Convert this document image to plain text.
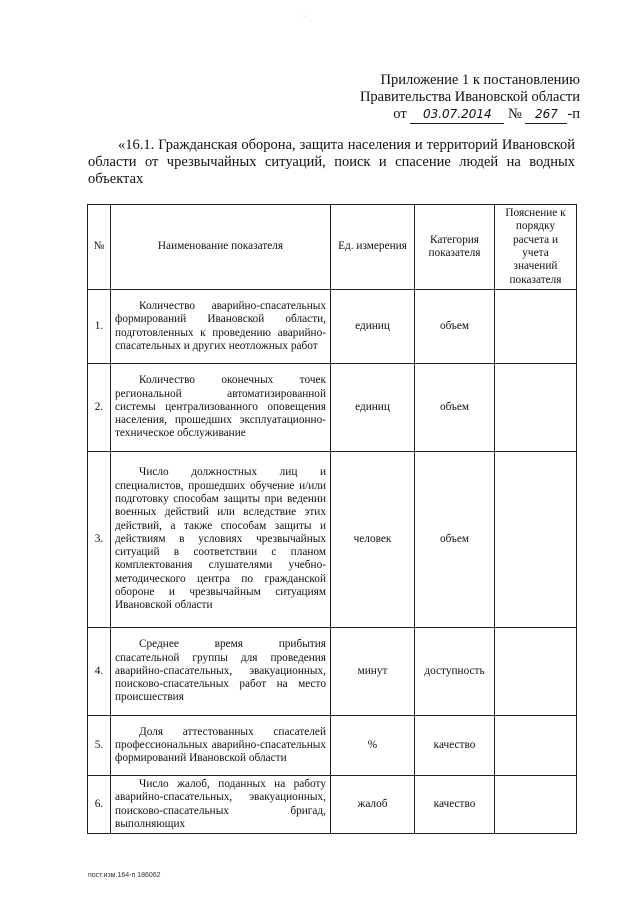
· ·
Приложение 1 к постановлению
Правительства Ивановской области
от 03.07.2014 № 267 -п
«16.1. Гражданская оборона, защита населения и территорий Ивановской области от чрезвычайных ситуаций, поиск и спасение людей на водных объектах
№	Наименование показателя	Ед. измерения	Категория показателя	Пояснение к порядку расчета и учета значений показателя
1.	Количество аварийно-спасательных формирований Ивановской области, подготовленных к проведению аварийно-спасательных и других неотложных работ	единиц	объем	
2.	Количество оконечных точек региональной автоматизированной системы централизованного оповещения населения, прошедших эксплуатационно-техническое обслуживание	единиц	объем	
3.	Число должностных лиц и специалистов, прошедших обучение и/или подготовку способам защиты при ведении военных действий или вследствие этих действий, а также способам защиты и действиям в условиях чрезвычайных ситуаций в соответствии с планом комплектования слушателями учебно-методического центра по гражданской обороне и чрезвычайным ситуациям Ивановской области	человек	объем	
4.	Среднее время прибытия спасательной группы для проведения аварийно-спасательных, эвакуационных, поисково-спасательных работ на место происшествия	минут	доступность	
5.	Доля аттестованных спасателей профессиональных аварийно-спасательных формирований Ивановской области	%	качество	
6.	Число жалоб, поданных на работу аварийно-спасательных, эвакуационных, поисково-спасательных бригад, выполняющих	жалоб	качество	
пост.изм.164-п 186062
